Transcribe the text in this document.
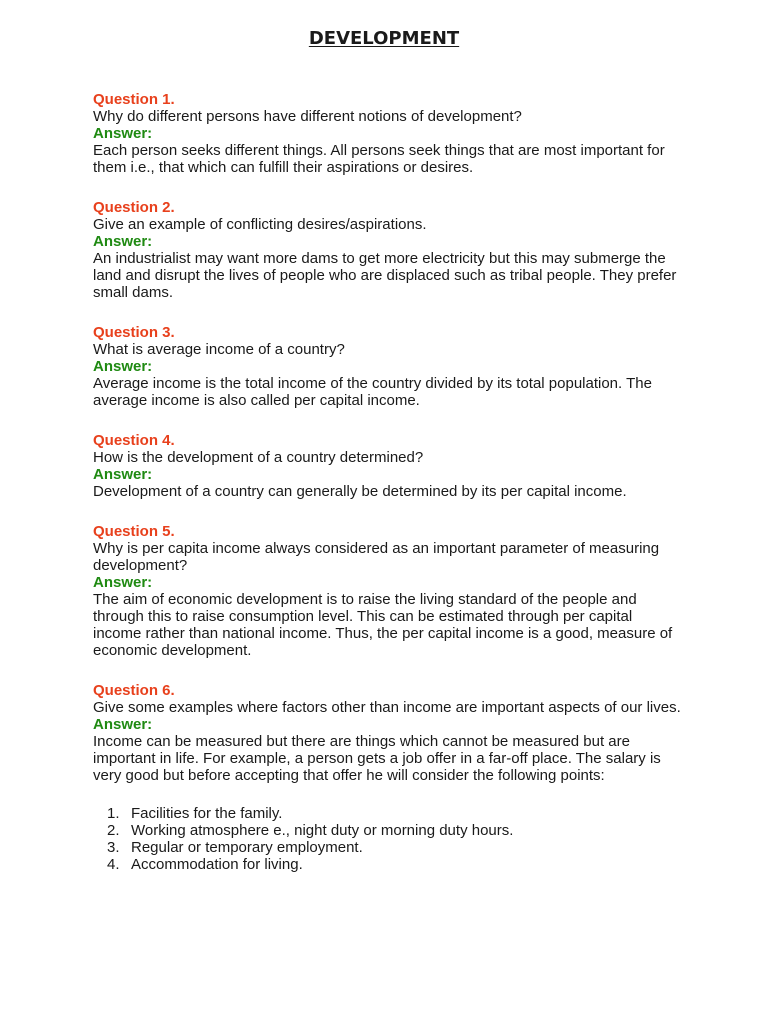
DEVELOPMENT
Question 1.
Why do different persons have different notions of development?
Answer:
Each person seeks different things. All persons seek things that are most important for them i.e., that which can fulfill their aspirations or desires.
Question 2.
Give an example of conflicting desires/aspirations.
Answer:
An industrialist may want more dams to get more electricity but this may submerge the land and disrupt the lives of people who are displaced such as tribal people. They prefer small dams.
Question 3.
What is average income of a country?
Answer:
Average income is the total income of the country divided by its total population. The average income is also called per capital income.
Question 4.
How is the development of a country determined?
Answer:
Development of a country can generally be determined by its per capital income.
Question 5.
Why is per capita income always considered as an important parameter of measuring development?
Answer:
The aim of economic development is to raise the living standard of the people and through this to raise consumption level. This can be estimated through per capital income rather than national income. Thus, the per capital income is a good, measure of economic development.
Question 6.
Give some examples where factors other than income are important aspects of our lives.
Answer:
Income can be measured but there are things which cannot be measured but are important in life. For example, a person gets a job offer in a far-off place. The salary is very good but before accepting that offer he will consider the following points:
1. Facilities for the family.
2. Working atmosphere e., night duty or morning duty hours.
3. Regular or temporary employment.
4. Accommodation for living.
